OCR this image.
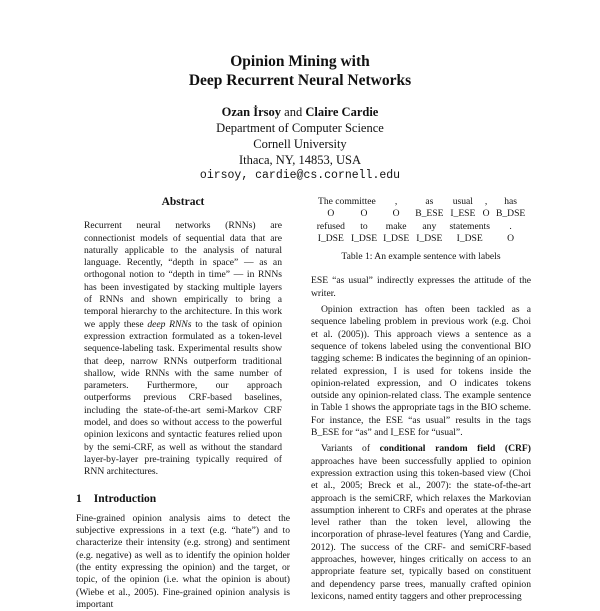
Opinion Mining with
Deep Recurrent Neural Networks
Ozan İrsoy and Claire Cardie
Department of Computer Science
Cornell University
Ithaca, NY, 14853, USA
oirsoy, cardie@cs.cornell.edu
Abstract
Recurrent neural networks (RNNs) are connectionist models of sequential data that are naturally applicable to the analysis of natural language. Recently, “depth in space” — as an orthogonal notion to “depth in time” — in RNNs has been investigated by stacking multiple layers of RNNs and shown empirically to bring a temporal hierarchy to the architecture. In this work we apply these deep RNNs to the task of opinion expression extraction formulated as a token-level sequence-labeling task. Experimental results show that deep, narrow RNNs outperform traditional shallow, wide RNNs with the same number of parameters. Furthermore, our approach outperforms previous CRF-based baselines, including the state-of-the-art semi-Markov CRF model, and does so without access to the powerful opinion lexicons and syntactic features relied upon by the semi-CRF, as well as without the standard layer-by-layer pre-training typically required of RNN architectures.
1 Introduction

Fine-grained opinion analysis aims to detect the subjective expressions in a text (e.g. “hate”) and to characterize their intensity (e.g. strong) and sentiment (e.g. negative) as well as to identify the opinion holder (the entity expressing the opinion) and the target, or topic, of the opinion (i.e. what the opinion is about) (Wiebe et al., 2005). Fine-grained opinion analysis is important

The committee		,	as	usual	,	has
O	O	O	B_ESE	I_ESE	O	B_DSE
refused	to	make	any	statements		.
I_DSE	I_DSE	I_DSE	I_DSE	I_DSE		O
Table 1: An example sentence with labels

ESE “as usual” indirectly expresses the attitude of the writer.

Opinion extraction has often been tackled as a sequence labeling problem in previous work (e.g. Choi et al. (2005)). This approach views a sentence as a sequence of tokens labeled using the conventional BIO tagging scheme: B indicates the beginning of an opinion-related expression, I is used for tokens inside the opinion-related expression, and O indicates tokens outside any opinion-related class. The example sentence in Table 1 shows the appropriate tags in the BIO scheme. For instance, the ESE “as usual” results in the tags B_ESE for “as” and I_ESE for “usual”.

Variants of conditional random field (CRF) approaches have been successfully applied to opinion expression extraction using this token-based view (Choi et al., 2005; Breck et al., 2007): the state-of-the-art approach is the semiCRF, which relaxes the Markovian assumption inherent to CRFs and operates at the phrase level rather than the token level, allowing the incorporation of phrase-level features (Yang and Cardie, 2012). The success of the CRF- and semiCRF-based approaches, however, hinges critically on access to an appropriate feature set, typically based on constituent and dependency parse trees, manually crafted opinion lexicons, named entity taggers and other preprocessing
